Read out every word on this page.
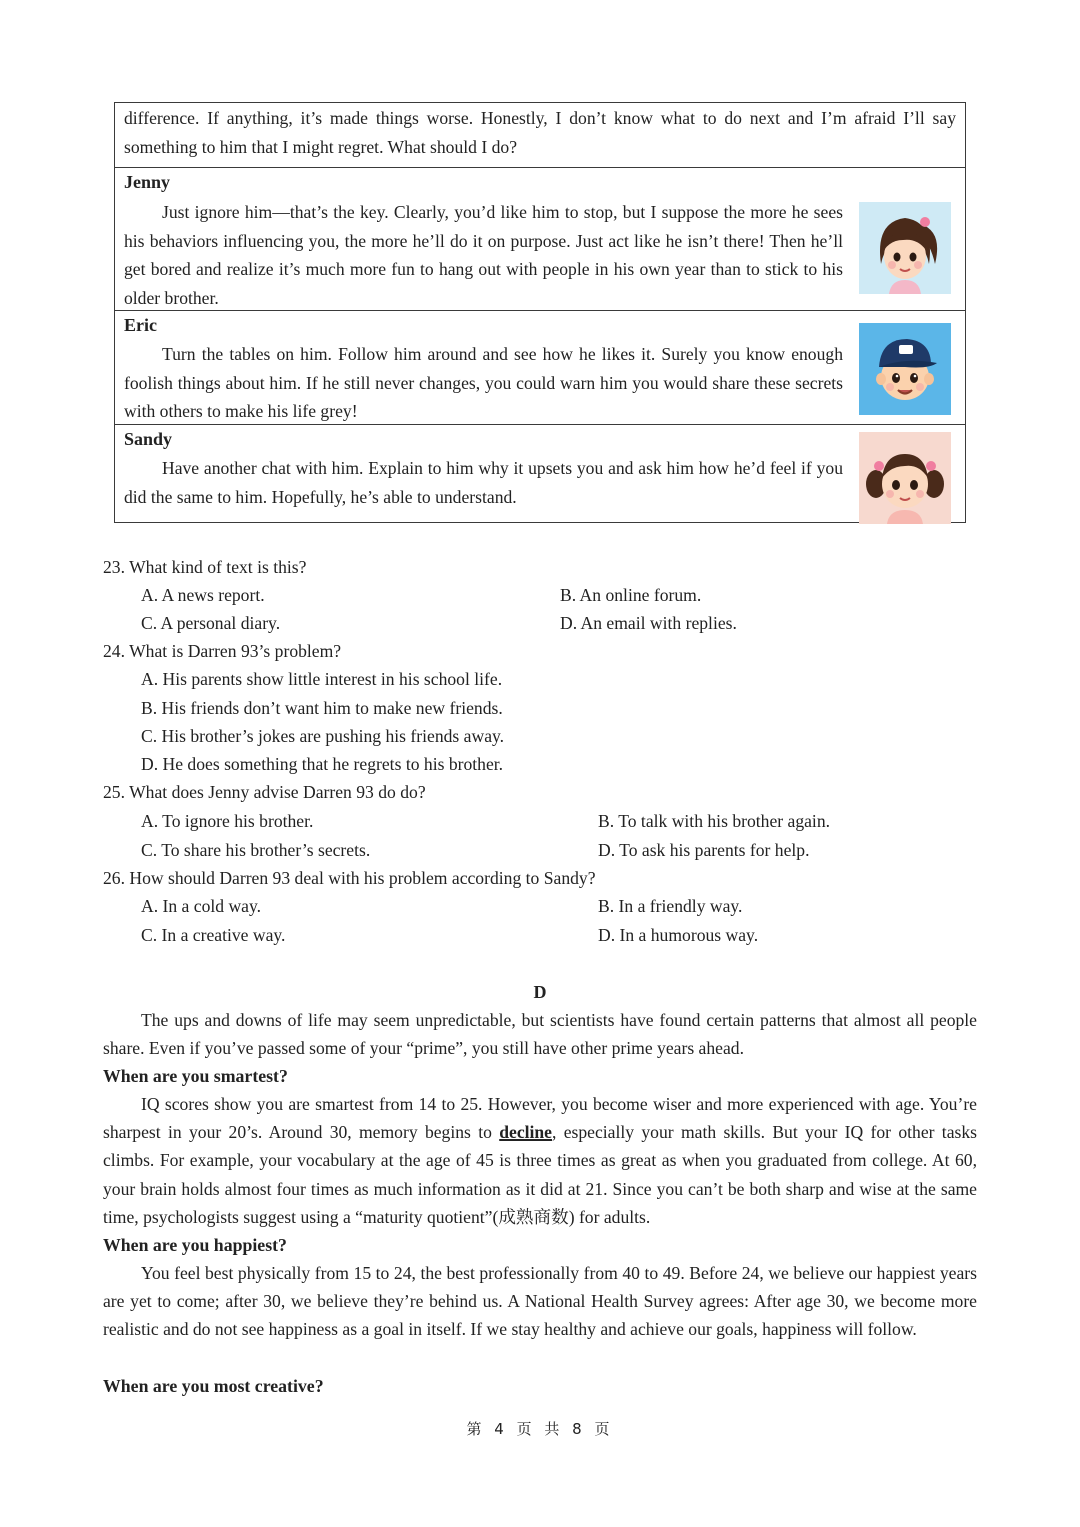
difference. If anything, it’s made things worse. Honestly, I don’t know what to do next and I’m afraid I’ll say something to him that I might regret. What should I do?
Jenny
Just ignore him—that’s the key. Clearly, you’d like him to stop, but I suppose the more he sees his behaviors influencing you, the more he’ll do it on purpose. Just act like he isn’t there! Then he’ll get bored and realize it’s much more fun to hang out with people in his own year than to stick to his older brother.
Eric
Turn the tables on him. Follow him around and see how he likes it. Surely you know enough foolish things about him. If he still never changes, you could warn him you would share these secrets with others to make his life grey!
Sandy
Have another chat with him. Explain to him why it upsets you and ask him how he’d feel if you did the same to him. Hopefully, he’s able to understand.
23. What kind of text is this?
A. A news report.	B. An online forum.
C. A personal diary.	D. An email with replies.
24. What is Darren 93’s problem?
A. His parents show little interest in his school life.
B. His friends don’t want him to make new friends.
C. His brother’s jokes are pushing his friends away.
D. He does something that he regrets to his brother.
25. What does Jenny advise Darren 93 do do?
A. To ignore his brother.	B. To talk with his brother again.
C. To share his brother’s secrets.	D. To ask his parents for help.
26. How should Darren 93 deal with his problem according to Sandy?
A. In a cold way.	B. In a friendly way.
C. In a creative way.	D. In a humorous way.
D
The ups and downs of life may seem unpredictable, but scientists have found certain patterns that almost all people share. Even if you’ve passed some of your “prime”, you still have other prime years ahead.
When are you smartest?
IQ scores show you are smartest from 14 to 25. However, you become wiser and more experienced with age. You’re sharpest in your 20’s. Around 30, memory begins to decline, especially your math skills. But your IQ for other tasks climbs. For example, your vocabulary at the age of 45 is three times as great as when you graduated from college. At 60, your brain holds almost four times as much information as it did at 21. Since you can’t be both sharp and wise at the same time, psychologists suggest using a “maturity quotient”(成熟商数) for adults.
When are you happiest?
You feel best physically from 15 to 24, the best professionally from 40 to 49. Before 24, we believe our happiest years are yet to come; after 30, we believe they’re behind us. A National Health Survey agrees: After age 30, we become more realistic and do not see happiness as a goal in itself. If we stay healthy and achieve our goals, happiness will follow.
When are you most creative?
第 4 页 共 8 页
